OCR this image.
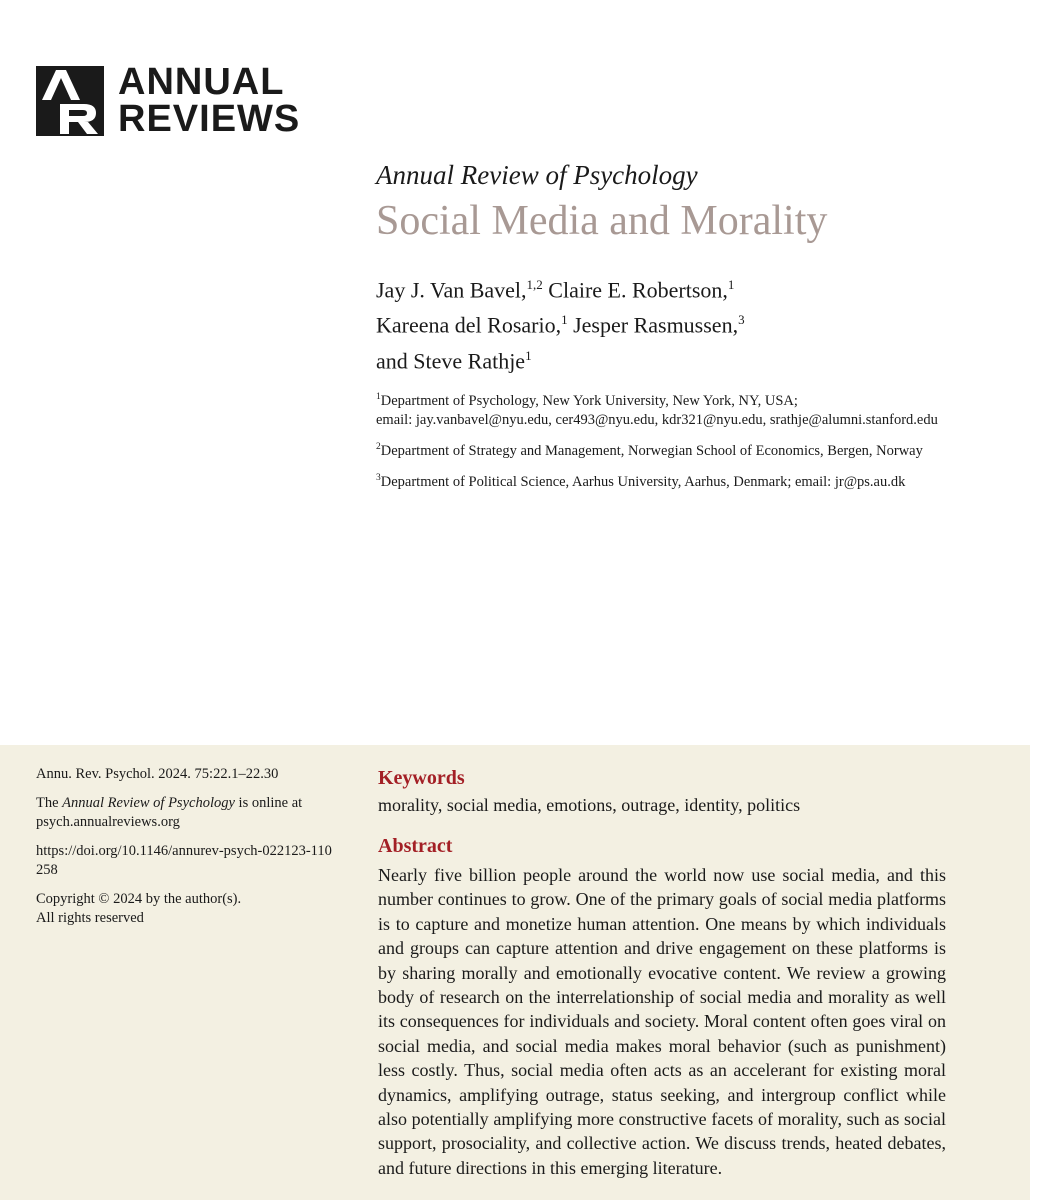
ANNUAL
REVIEWS
Annual Review of Psychology
Social Media and Morality
Jay J. Van Bavel,$^{1,2}$ Claire E. Robertson,$^1$
Kareena del Rosario,$^1$ Jesper Rasmussen,$^3$
and Steve Rathje$^1$
$^1$Department of Psychology, New York University, New York, NY, USA;
email: jay.vanbavel@nyu.edu, cer493@nyu.edu, kdr321@nyu.edu, srathje@alumni.stanford.edu
$^2$Department of Strategy and Management, Norwegian School of Economics, Bergen, Norway
$^3$Department of Political Science, Aarhus University, Aarhus, Denmark; email: jr@ps.au.dk

Annu. Rev. Psychol. 2024. 75:22.1–22.30

The Annual Review of Psychology is online at psych.annualreviews.org

https://doi.org/10.1146/annurev-psych-022123-110258

Copyright © 2024 by the author(s).
All rights reserved

Keywords

morality, social media, emotions, outrage, identity, politics

Abstract

Nearly five billion people around the world now use social media, and this number continues to grow. One of the primary goals of social media platforms is to capture and monetize human attention. One means by which individuals and groups can capture attention and drive engagement on these platforms is by sharing morally and emotionally evocative content. We review a growing body of research on the interrelationship of social media and morality as well its consequences for individuals and society. Moral content often goes viral on social media, and social media makes moral behavior (such as punishment) less costly. Thus, social media often acts as an accelerant for existing moral dynamics, amplifying outrage, status seeking, and intergroup conflict while also potentially amplifying more constructive facets of morality, such as social support, prosociality, and collective action. We discuss trends, heated debates, and future directions in this emerging literature.
